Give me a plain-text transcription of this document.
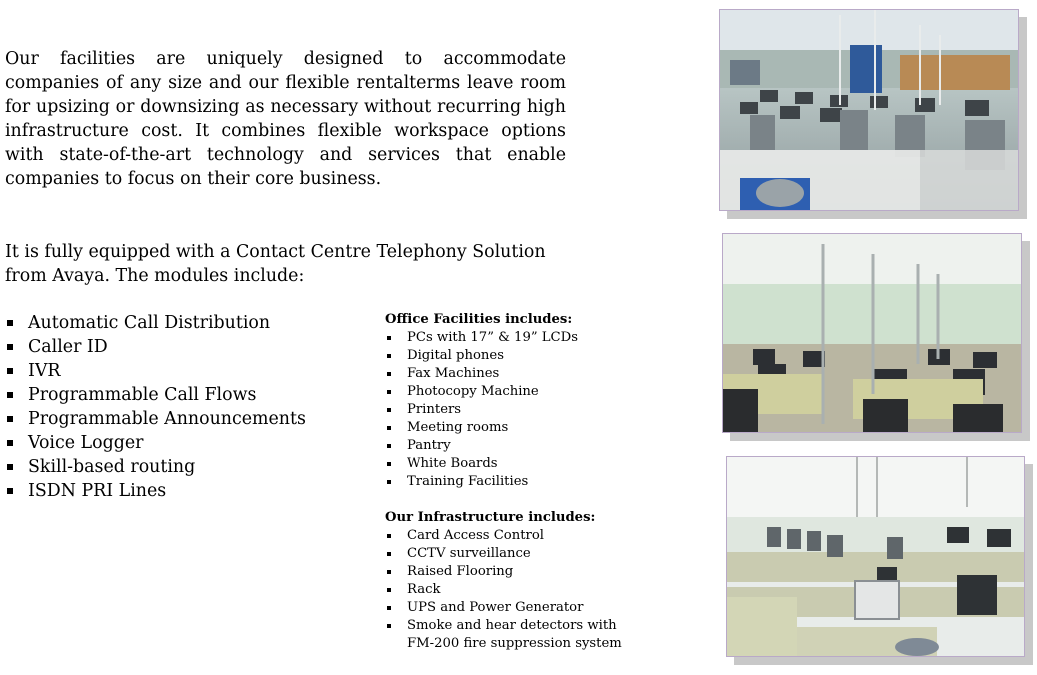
Our facilities are uniquely designed to accommodate companies of any size and our flexible rentalterms leave room for upsizing or downsizing as necessary without recurring high infrastructure cost. It combines flexible workspace options with state-of-the-art technology and services that enable companies to focus on their core business.

It is fully equipped with a Contact Centre Telephony Solution from Avaya. The modules include:

Automatic Call Distribution
Caller ID
IVR
Programmable Call Flows
Programmable Announcements
Voice Logger
Skill-based routing
ISDN PRI Lines
Office Facilities includes:
PCs with 17” & 19” LCDs
Digital phones
Fax Machines
Photocopy Machine
Printers
Meeting rooms
Pantry
White Boards
Training Facilities
Our Infrastructure includes:
Card Access Control
CCTV surveillance
Raised Flooring
Rack
UPS and Power Generator
Smoke and hear detectors with
FM-200 fire suppression system
